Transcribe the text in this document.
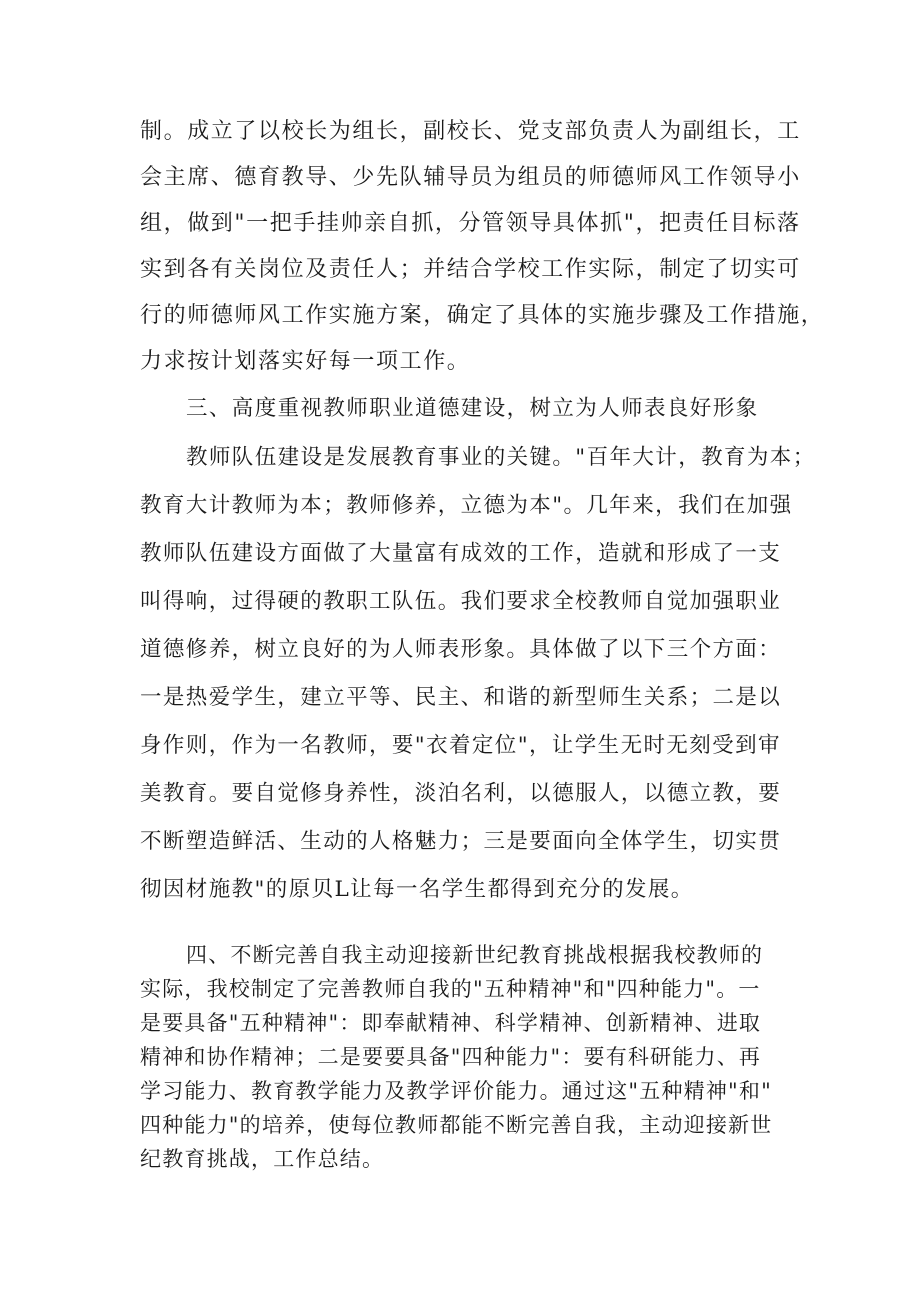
制。成立了以校长为组长，副校长、党支部负责人为副组长，工
会主席、德育教导、少先队辅导员为组员的师德师风工作领导小
组，做到"一把手挂帅亲自抓，分管领导具体抓"，把责任目标落
实到各有关岗位及责任人；并结合学校工作实际，制定了切实可
行的师德师风工作实施方案，确定了具体的实施步骤及工作措施，
力求按计划落实好每一项工作。
三、高度重视教师职业道德建设，树立为人师表良好形象
教师队伍建设是发展教育事业的关键。"百年大计，教育为本；
教育大计教师为本；教师修养，立德为本"。几年来，我们在加强
教师队伍建设方面做了大量富有成效的工作，造就和形成了一支
叫得响，过得硬的教职工队伍。我们要求全校教师自觉加强职业
道德修养，树立良好的为人师表形象。具体做了以下三个方面：
一是热爱学生，建立平等、民主、和谐的新型师生关系；二是以
身作则，作为一名教师，要"衣着定位"，让学生无时无刻受到审
美教育。要自觉修身养性，淡泊名利，以德服人，以德立教，要
不断塑造鲜活、生动的人格魅力；三是要面向全体学生，切实贯
彻因材施教"的原贝L让每一名学生都得到充分的发展。
四、不断完善自我主动迎接新世纪教育挑战根据我校教师的
实际，我校制定了完善教师自我的"五种精神"和"四种能力"。一
是要具备"五种精神"：即奉献精神、科学精神、创新精神、进取
精神和协作精神；二是要要具备"四种能力"：要有科研能力、再
学习能力、教育教学能力及教学评价能力。通过这"五种精神"和"
四种能力"的培养，使每位教师都能不断完善自我，主动迎接新世
纪教育挑战，工作总结。
